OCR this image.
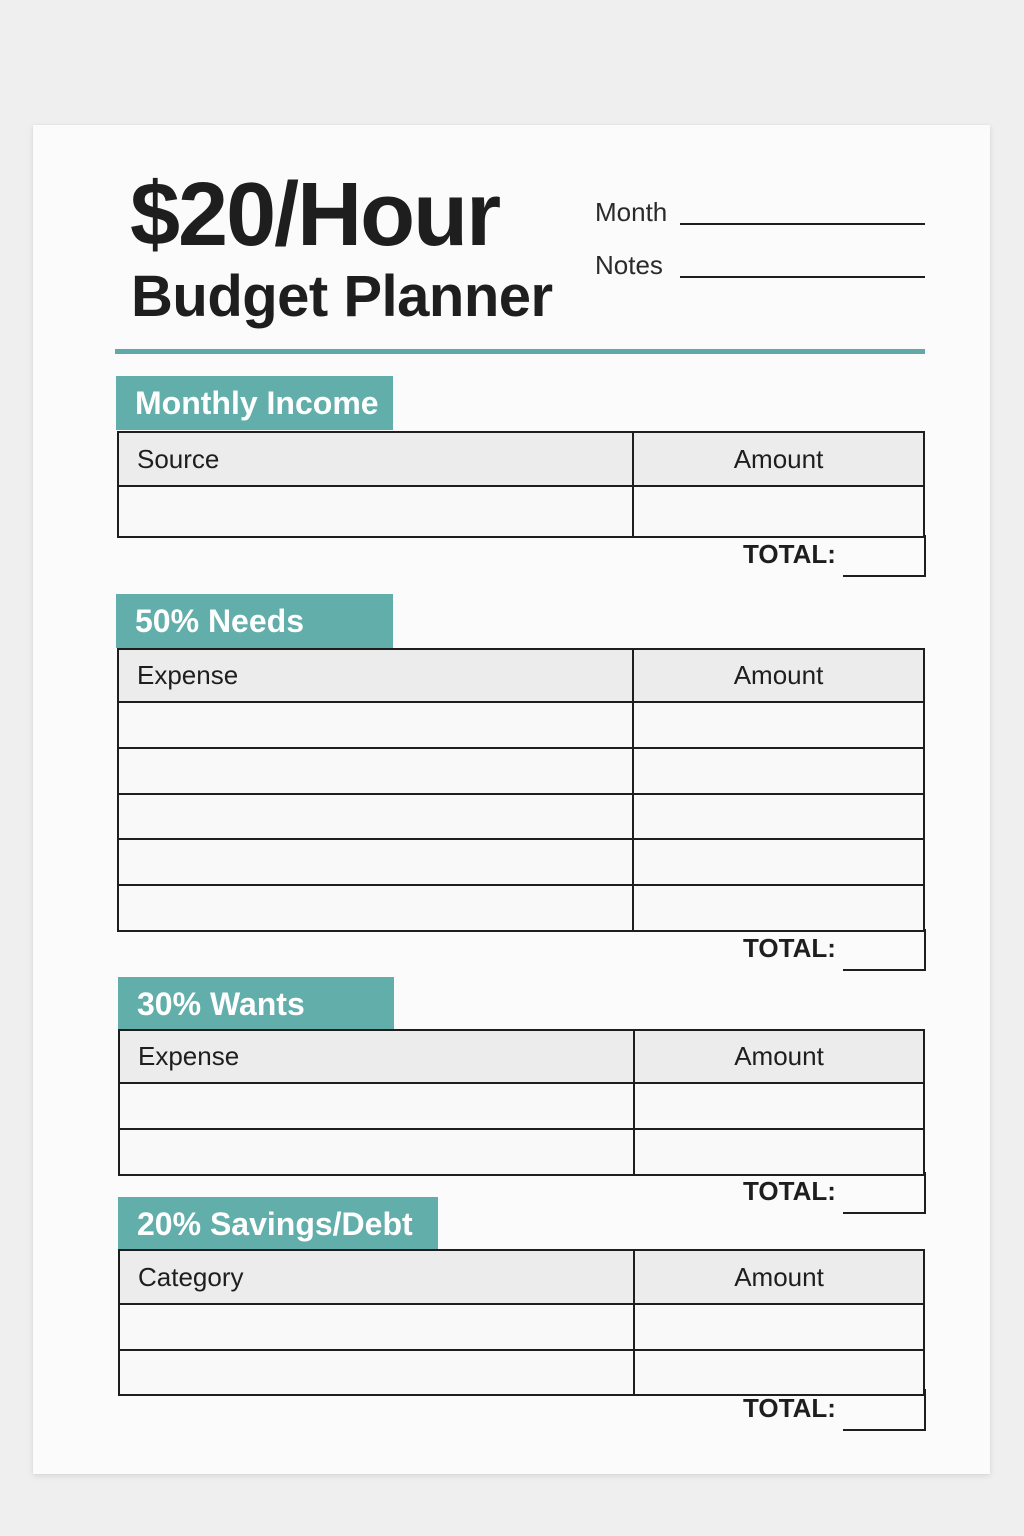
$20/Hour
Budget Planner
Month
Notes
Monthly Income
Source	Amount
TOTAL:
50% Needs
Expense	Amount
TOTAL:
30% Wants
Expense	Amount
TOTAL:
20% Savings/Debt
Category	Amount
TOTAL:
